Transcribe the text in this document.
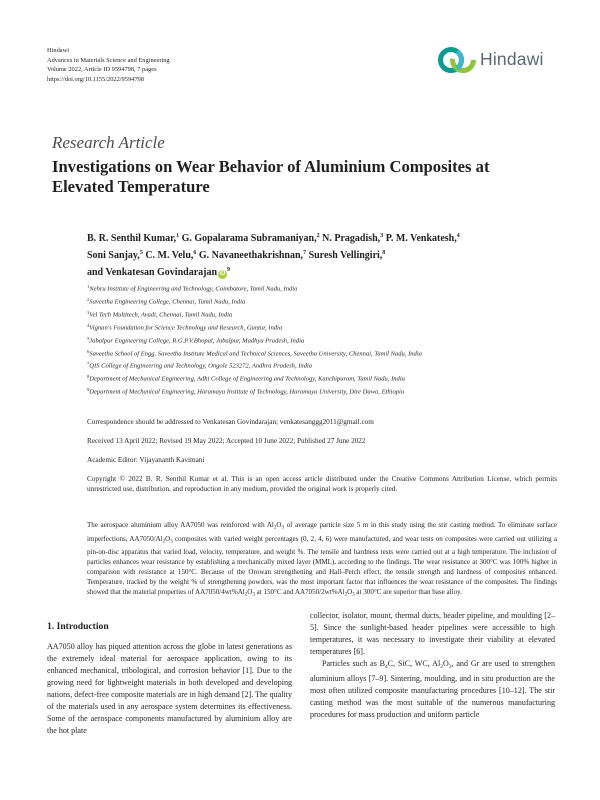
Hindawi
Advances in Materials Science and Engineering
Volume 2022, Article ID 9594798, 7 pages
https://doi.org/10.1155/2022/9594798
Hindawi
Research Article
Investigations on Wear Behavior of Aluminium Composites at Elevated Temperature
B. R. Senthil Kumar,$^1$ G. Gopalarama Subramaniyan,$^2$ N. Pragadish,$^3$ P. M. Venkatesh,$^4$
Soni Sanjay,$^5$ C. M. Velu,$^6$ G. Navaneethakrishnan,$^7$ Suresh Vellingiri,$^8$
and Venkatesan Govindarajan $iD^9$
$^1$Nehru Institute of Engineering and Technology, Coimbatore, Tamil Nadu, India
$^2$Saveetha Engineering College, Chennai, Tamil Nadu, India
$^3$Vel Tech Multitech, Avadi, Chennai, Tamil Nadu, India
$^4$Vignan's Foundation for Science Technology and Research, Guntur, India
$^5$Jabalpur Engineering College, R.G.P.V.Bhopal, Jabalpur, Madhya Pradesh, India
$^6$Saveetha School of Engg. Saveetha Institute Medical and Technical Sciences, Saveetha University, Chennai, Tamil Nadu, India
$^7$QIS College of Engineering and Technology, Ongole 523272, Andhra Pradesh, India
$^8$Department of Mechanical Engineering, Adhi College of Engineering and Technology, Kanchipuram, Tamil Nadu, India
$^9$Department of Mechanical Engineering, Haramaya Institute of Technology, Haramaya University, Dire Dawa, Ethiopia
Correspondence should be addressed to Venkatesan Govindarajan; venkatesanggg2011@gmail.com
Received 13 April 2022; Revised 19 May 2022; Accepted 10 June 2022; Published 27 June 2022
Academic Editor: Vijayananth Kavimani

Copyright © 2022 B. R. Senthil Kumar et al. This is an open access article distributed under the Creative Commons Attribution License, which permits unrestricted use, distribution, and reproduction in any medium, provided the original work is properly cited.

The aerospace aluminium alloy AA7050 was reinforced with $Al_2O_3$ of average particle size 5 m in this study using the stir casting method. To eliminate surface imperfections, $AA7050/Al_2O_3$ composites with varied weight percentages (0, 2, 4, 6) were manufactured, and wear tests on composites were carried out utilizing a pin-on-disc apparatus that varied load, velocity, temperature, and weight %. The tensile and hardness tests were carried out at a high temperature. The inclusion of particles enhances wear resistance by establishing a mechanically mixed layer (MML), according to the findings. The wear resistance at 300°C was 100% higher in comparison with resistance at 150°C. Because of the Orowan strengthening and Hall–Petch effect, the tensile strength and hardness of composites enhanced. Temperature, tracked by the weight % of strengthening powders, was the most important factor that influences the wear resistance of the composites. The findings showed that the material properties of $AA7050/4wt\%Al_2O_3$ at 150°C and $AA7050/2wt\%Al_2O_3$ at 300°C are superior than base alloy.

1. Introduction

AA7050 alloy has piqued attention across the globe in latest generations as the extremely ideal material for aerospace application, owing to its enhanced mechanical, tribological, and corrosion behavior [1]. Due to the growing need for lightweight materials in both developed and developing nations, defect-free composite materials are in high demand [2]. The quality of the materials used in any aerospace system determines its effectiveness. Some of the aerospace components manufactured by aluminium alloy are the hot plate

collector, isolator, mount, thermal ducts, header pipeline, and moulding [2–5]. Since the sunlight-based header pipelines were accessible to high temperatures, it was necessary to investigate their viability at elevated temperatures [6].

Particles such as $B_4C$, SiC, WC, $Al_2O_3$, and Gr are used to strengthen aluminium alloys [7–9]. Sintering, moulding, and in situ production are the most often utilized composite manufacturing procedures [10–12]. The stir casting method was the most suitable of the numerous manufacturing procedures for mass production and uniform particle
